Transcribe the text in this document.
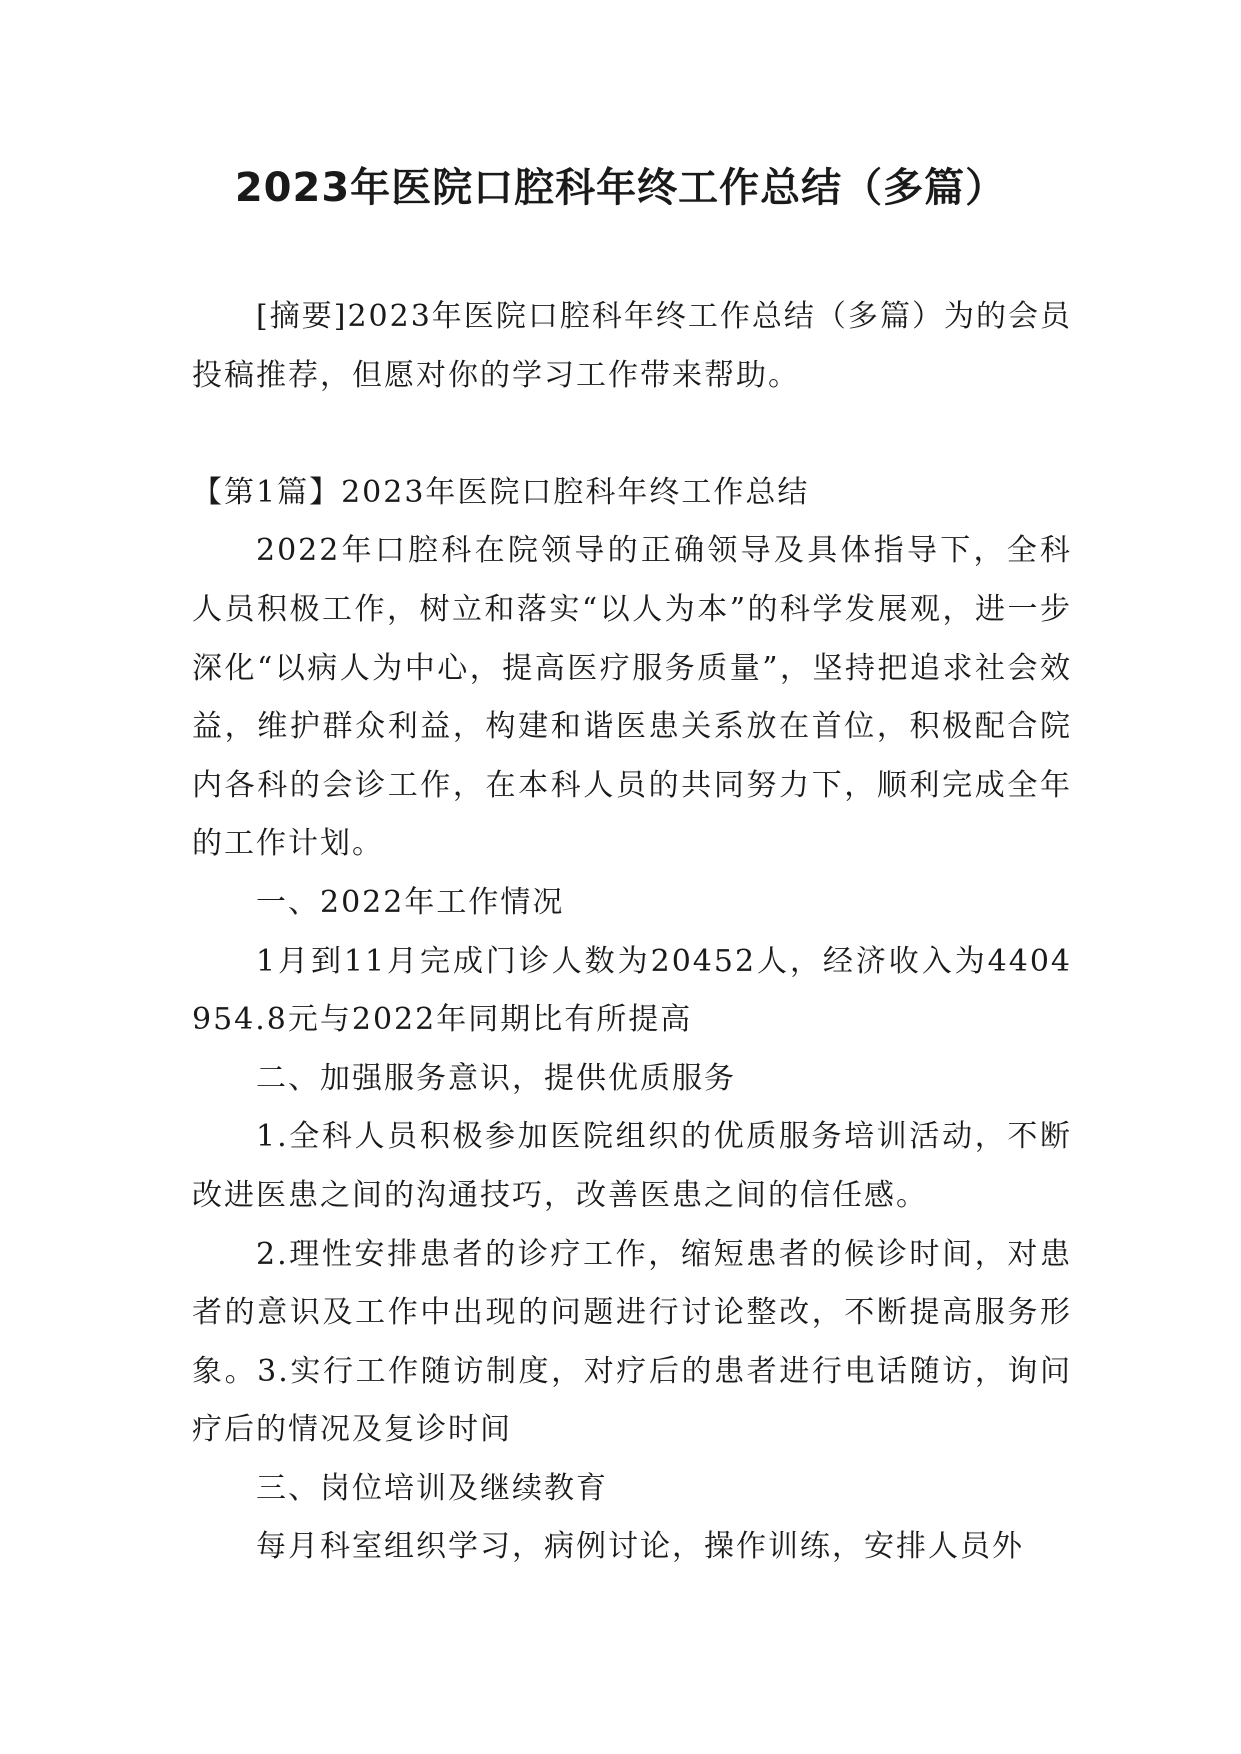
2023年医院口腔科年终工作总结（多篇）

[摘要]2023年医院口腔科年终工作总结（多篇）为的会员投稿推荐，但愿对你的学习工作带来帮助。

【第1篇】2023年医院口腔科年终工作总结

2022年口腔科在院领导的正确领导及具体指导下，全科人员积极工作，树立和落实“以人为本”的科学发展观，进一步深化“以病人为中心，提高医疗服务质量”，坚持把追求社会效益，维护群众利益，构建和谐医患关系放在首位，积极配合院内各科的会诊工作，在本科人员的共同努力下，顺利完成全年的工作计划。

一、2022年工作情况

1月到11月完成门诊人数为20452人，经济收入为4404954.8元与2022年同期比有所提高

二、加强服务意识，提供优质服务

1.全科人员积极参加医院组织的优质服务培训活动，不断改进医患之间的沟通技巧，改善医患之间的信任感。

2.理性安排患者的诊疗工作，缩短患者的候诊时间，对患者的意识及工作中出现的问题进行讨论整改，不断提高服务形象。3.实行工作随访制度，对疗后的患者进行电话随访，询问疗后的情况及复诊时间

三、岗位培训及继续教育

每月科室组织学习，病例讨论，操作训练，安排人员外
